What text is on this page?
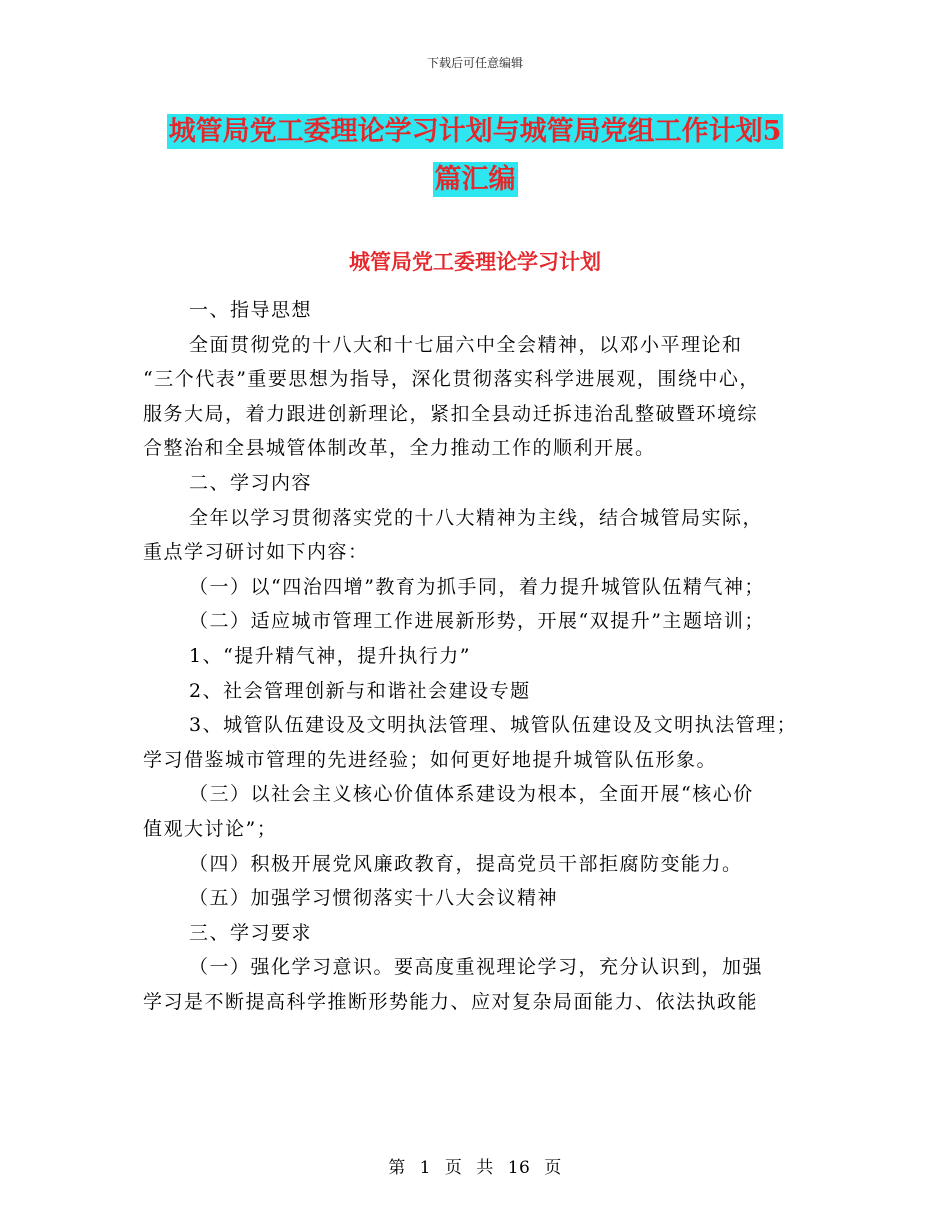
下载后可任意编辑
城管局党工委理论学习计划与城管局党组工作计划5
篇汇编
城管局党工委理论学习计划

一、指导思想

全面贯彻党的十八大和十七届六中全会精神，以邓小平理论和

“三个代表”重要思想为指导，深化贯彻落实科学进展观，围绕中心，

服务大局，着力跟进创新理论，紧扣全县动迁拆违治乱整破暨环境综

合整治和全县城管体制改革，全力推动工作的顺利开展。

二、学习内容

全年以学习贯彻落实党的十八大精神为主线，结合城管局实际，

重点学习研讨如下内容：

（一）以“四治四增”教育为抓手同，着力提升城管队伍精气神；

（二）适应城市管理工作进展新形势，开展“双提升”主题培训；

1、“提升精气神，提升执行力”

2、社会管理创新与和谐社会建设专题

3、城管队伍建设及文明执法管理、城管队伍建设及文明执法管理；

学习借鉴城市管理的先进经验；如何更好地提升城管队伍形象。

（三）以社会主义核心价值体系建设为根本，全面开展“核心价

值观大讨论”；

（四）积极开展党风廉政教育，提高党员干部拒腐防变能力。

（五）加强学习惯彻落实十八大会议精神

三、学习要求

（一）强化学习意识。要高度重视理论学习，充分认识到，加强

学习是不断提高科学推断形势能力、应对复杂局面能力、依法执政能

第 1 页 共 16 页
